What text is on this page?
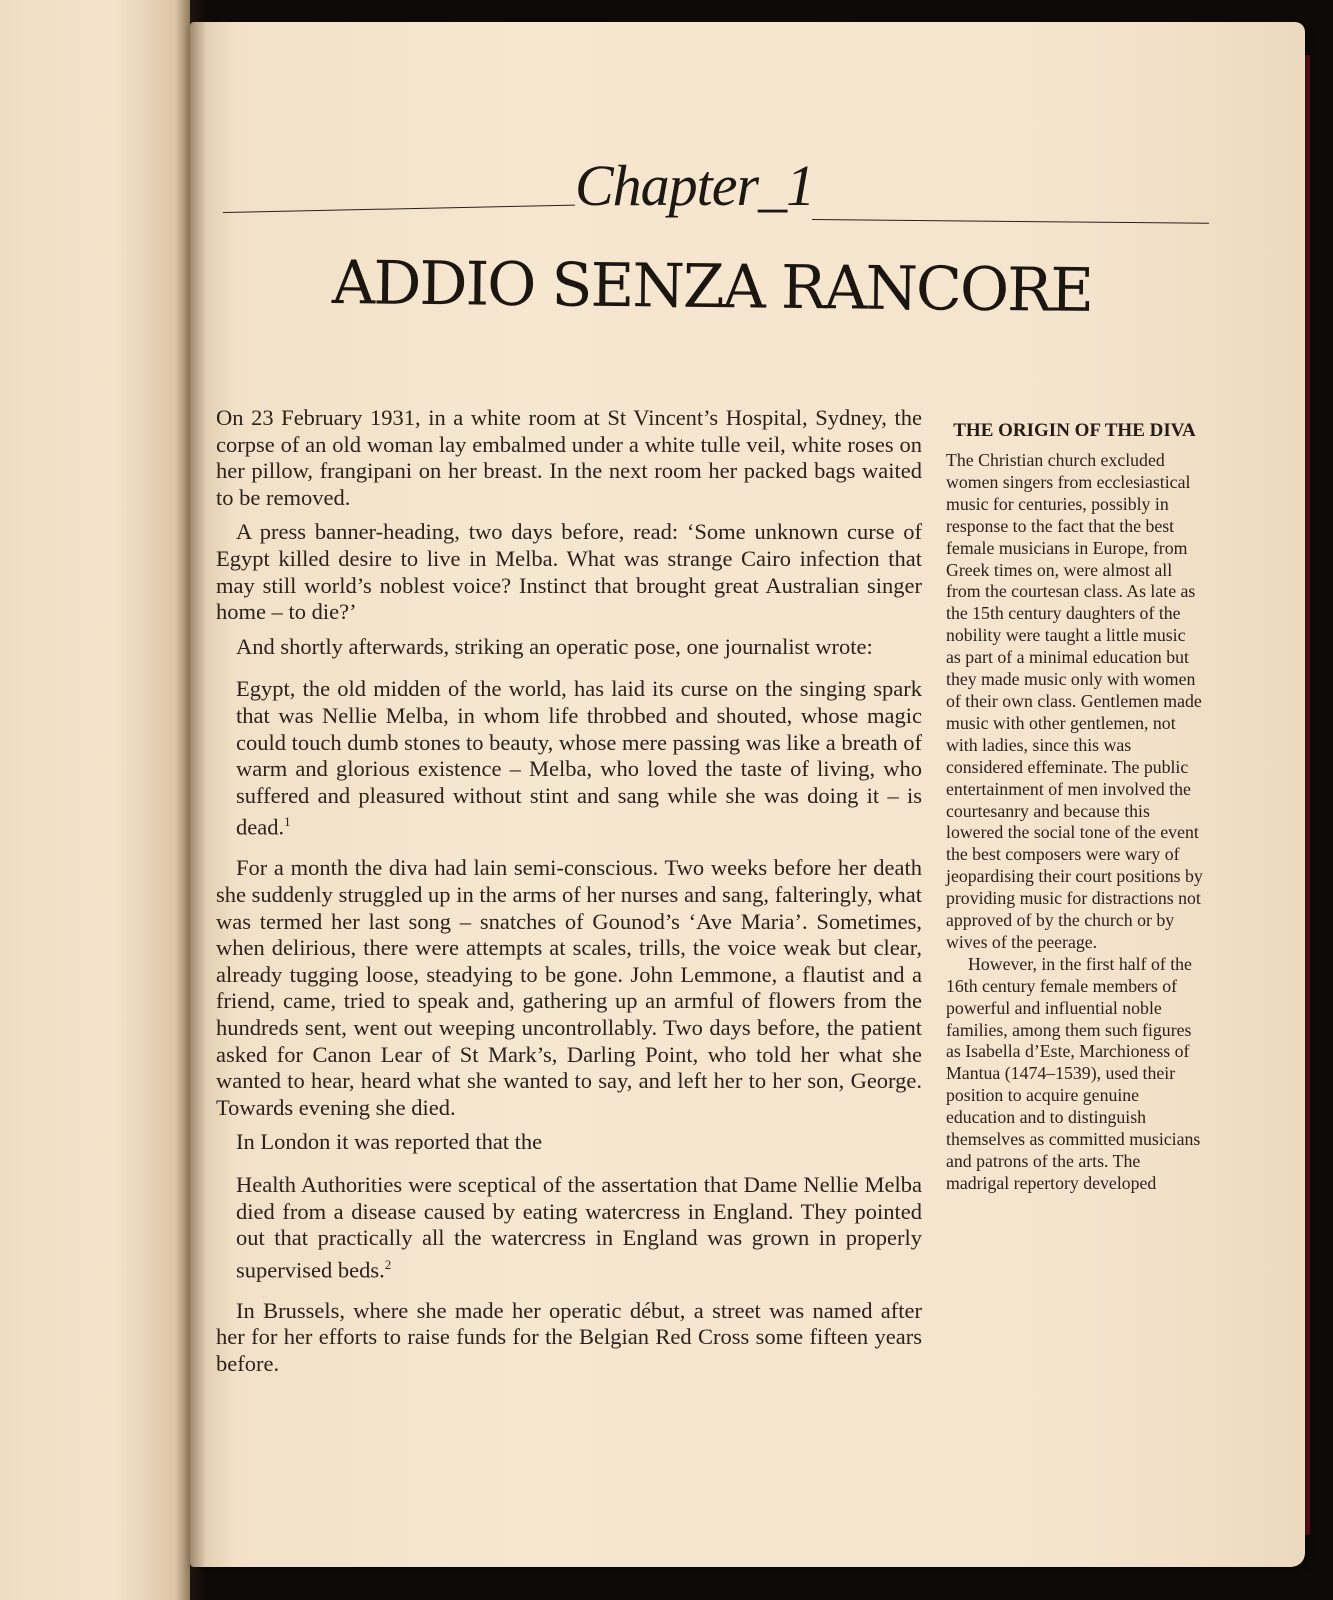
Chapter_1
ADDIO SENZA RANCORE

On 23 February 1931, in a white room at St Vincent’s Hospital, Sydney, the corpse of an old woman lay embalmed under a white tulle veil, white roses on her pillow, frangipani on her breast. In the next room her packed bags waited to be removed.

A press banner-heading, two days before, read: ‘Some unknown curse of Egypt killed desire to live in Melba. What was strange Cairo infection that may still world’s noblest voice? Instinct that brought great Australian singer home – to die?’

And shortly afterwards, striking an operatic pose, one journalist wrote:

Egypt, the old midden of the world, has laid its curse on the singing spark that was Nellie Melba, in whom life throbbed and shouted, whose magic could touch dumb stones to beauty, whose mere passing was like a breath of warm and glorious existence – Melba, who loved the taste of living, who suffered and pleasured without stint and sang while she was doing it – is dead.$^1$

For a month the diva had lain semi-conscious. Two weeks before her death she suddenly struggled up in the arms of her nurses and sang, falteringly, what was termed her last song – snatches of Gounod’s ‘Ave Maria’. Sometimes, when delirious, there were attempts at scales, trills, the voice weak but clear, already tugging loose, steadying to be gone. John Lemmone, a flautist and a friend, came, tried to speak and, gathering up an armful of flowers from the hundreds sent, went out weeping uncontrollably. Two days before, the patient asked for Canon Lear of St Mark’s, Darling Point, who told her what she wanted to hear, heard what she wanted to say, and left her to her son, George. Towards evening she died.

In London it was reported that the

Health Authorities were sceptical of the assertation that Dame Nellie Melba died from a disease caused by eating watercress in England. They pointed out that practically all the watercress in England was grown in properly supervised beds.$^2$

In Brussels, where she made her operatic début, a street was named after her for her efforts to raise funds for the Belgian Red Cross some fifteen years before.

THE ORIGIN OF THE DIVA

The Christian church excluded women singers from ecclesiastical music for centuries, possibly in response to the fact that the best female musicians in Europe, from Greek times on, were almost all from the courtesan class. As late as the 15th century daughters of the nobility were taught a little music as part of a minimal education but they made music only with women of their own class. Gentlemen made music with other gentlemen, not with ladies, since this was considered effeminate. The public entertainment of men involved the courtesanry and because this lowered the social tone of the event the best composers were wary of jeopardising their court positions by providing music for distractions not approved of by the church or by wives of the peerage.

However, in the first half of the 16th century female members of powerful and influential noble families, among them such figures as Isabella d’Este, Marchioness of Mantua (1474–1539), used their position to acquire genuine education and to distinguish themselves as committed musicians and patrons of the arts. The madrigal repertory developed
